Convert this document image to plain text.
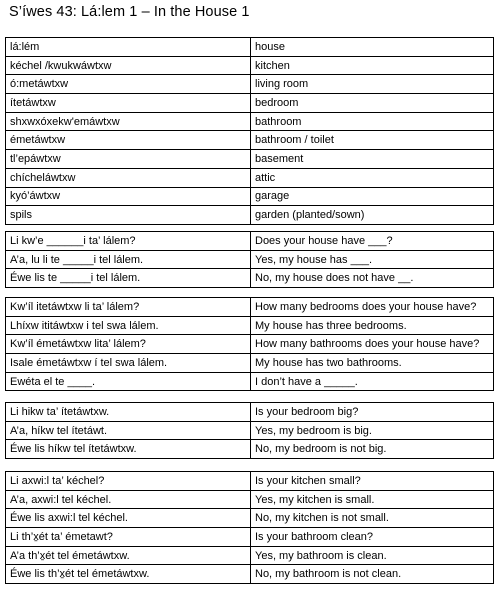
S’íwes 43: Lá:lem 1 – In the House 1
lá:lém	house
kéchel /kwukwáwtxw	kitchen
ó:metáwtxw	living room
ítetáwtxw	bedroom
shxwxóxekw'emáwtxw	bathroom
émetáwtxw	bathroom / toilet
tl’epáwtxw	basement
chícheláwtxw	attic
kyó’áwtxw	garage
spils	garden (planted/sown)
Li kw’e ______i ta’ lálem?	Does your house have ___?
A’a, lu li te _____i tel lálem.	Yes, my house has ___.
Éwe lis te _____i tel lálem.	No, my house does not have __.
Kw’íl itetáwtxw li ta’ lálem?	How many bedrooms does your house have?
Lhíxw ititáwtxw i tel swa lálem.	My house has three bedrooms.
Kw’íl émetáwtxw lita’ lálem?	How many bathrooms does your house have?
Isale émetáwtxw í tel swa lálem.	My house has two bathrooms.
Ewéta el te ____.	I don’t have a _____.
Li hikw ta’ ítetáwtxw.	Is your bedroom big?
A’a, híkw tel ítetáwt.	Yes, my bedroom is big.
Éwe lis híkw tel ítetáwtxw.	No, my bedroom is not big.
Li axwi:l ta’ kéchel?	Is your kitchen small?
A’a, axwi:l tel kéchel.	Yes, my kitchen is small.
Éwe lis axwi:l tel kéchel.	No, my kitchen is not small.
Li th’x̱ét ta’ émetawt?	Is your bathroom clean?
A’a th’x̱ét tel émetáwtxw.	Yes, my bathroom is clean.
Éwe lis th’x̱ét tel émetáwtxw.	No, my bathroom is not clean.
